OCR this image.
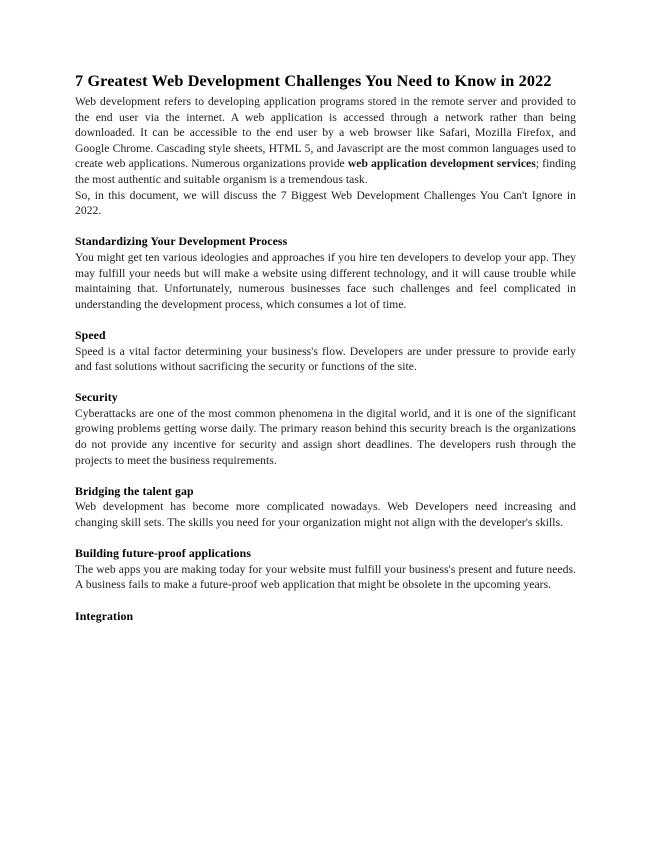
7 Greatest Web Development Challenges You Need to Know in 2022

Web development refers to developing application programs stored in the remote server and provided to the end user via the internet. A web application is accessed through a network rather than being downloaded. It can be accessible to the end user by a web browser like Safari, Mozilla Firefox, and Google Chrome. Cascading style sheets, HTML 5, and Javascript are the most common languages used to create web applications. Numerous organizations provide web application development services; finding the most authentic and suitable organism is a tremendous task.

So, in this document, we will discuss the 7 Biggest Web Development Challenges You Can't Ignore in 2022.

Standardizing Your Development Process

You might get ten various ideologies and approaches if you hire ten developers to develop your app. They may fulfill your needs but will make a website using different technology, and it will cause trouble while maintaining that. Unfortunately, numerous businesses face such challenges and feel complicated in understanding the development process, which consumes a lot of time.

Speed

Speed is a vital factor determining your business's flow. Developers are under pressure to provide early and fast solutions without sacrificing the security or functions of the site.

Security

Cyberattacks are one of the most common phenomena in the digital world, and it is one of the significant growing problems getting worse daily. The primary reason behind this security breach is the organizations do not provide any incentive for security and assign short deadlines. The developers rush through the projects to meet the business requirements.

Bridging the talent gap

Web development has become more complicated nowadays. Web Developers need increasing and changing skill sets. The skills you need for your organization might not align with the developer's skills.

Building future-proof applications

The web apps you are making today for your website must fulfill your business's present and future needs. A business fails to make a future-proof web application that might be obsolete in the upcoming years.

Integration
